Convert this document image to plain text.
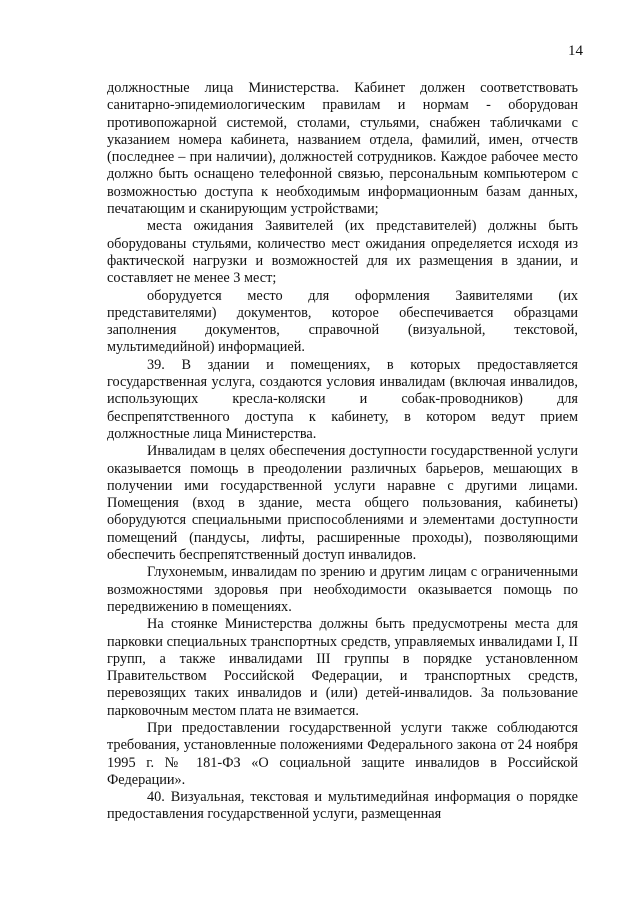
14

должностные лица Министерства. Кабинет должен соответствовать санитарно-эпидемиологическим правилам и нормам - оборудован противопожарной системой, столами, стульями, снабжен табличками с указанием номера кабинета, названием отдела, фамилий, имен, отчеств (последнее – при наличии), должностей сотрудников. Каждое рабочее место должно быть оснащено телефонной связью, персональным компьютером с возможностью доступа к необходимым информационным базам данных, печатающим и сканирующим устройствами;

места ожидания Заявителей (их представителей) должны быть оборудованы стульями, количество мест ожидания определяется исходя из фактической нагрузки и возможностей для их размещения в здании, и составляет не менее 3 мест;

оборудуется место для оформления Заявителями (их представителями) документов, которое обеспечивается образцами заполнения документов, справочной (визуальной, текстовой, мультимедийной) информацией.

39. В здании и помещениях, в которых предоставляется государственная услуга, создаются условия инвалидам (включая инвалидов, использующих кресла-коляски и собак-проводников) для беспрепятственного доступа к кабинету, в котором ведут прием должностные лица Министерства.

Инвалидам в целях обеспечения доступности государственной услуги оказывается помощь в преодолении различных барьеров, мешающих в получении ими государственной услуги наравне с другими лицами. Помещения (вход в здание, места общего пользования, кабинеты) оборудуются специальными приспособлениями и элементами доступности помещений (пандусы, лифты, расширенные проходы), позволяющими обеспечить беспрепятственный доступ инвалидов.

Глухонемым, инвалидам по зрению и другим лицам с ограниченными возможностями здоровья при необходимости оказывается помощь по передвижению в помещениях.

На стоянке Министерства должны быть предусмотрены места для парковки специальных транспортных средств, управляемых инвалидами I, II групп, а также инвалидами III группы в порядке установленном Правительством Российской Федерации, и транспортных средств, перевозящих таких инвалидов и (или) детей-инвалидов. За пользование парковочным местом плата не взимается.

При предоставлении государственной услуги также соблюдаются требования, установленные положениями Федерального закона от 24 ноября 1995 г. № 181-ФЗ «О социальной защите инвалидов в Российской Федерации».

40. Визуальная, текстовая и мультимедийная информация о порядке предоставления государственной услуги, размещенная
